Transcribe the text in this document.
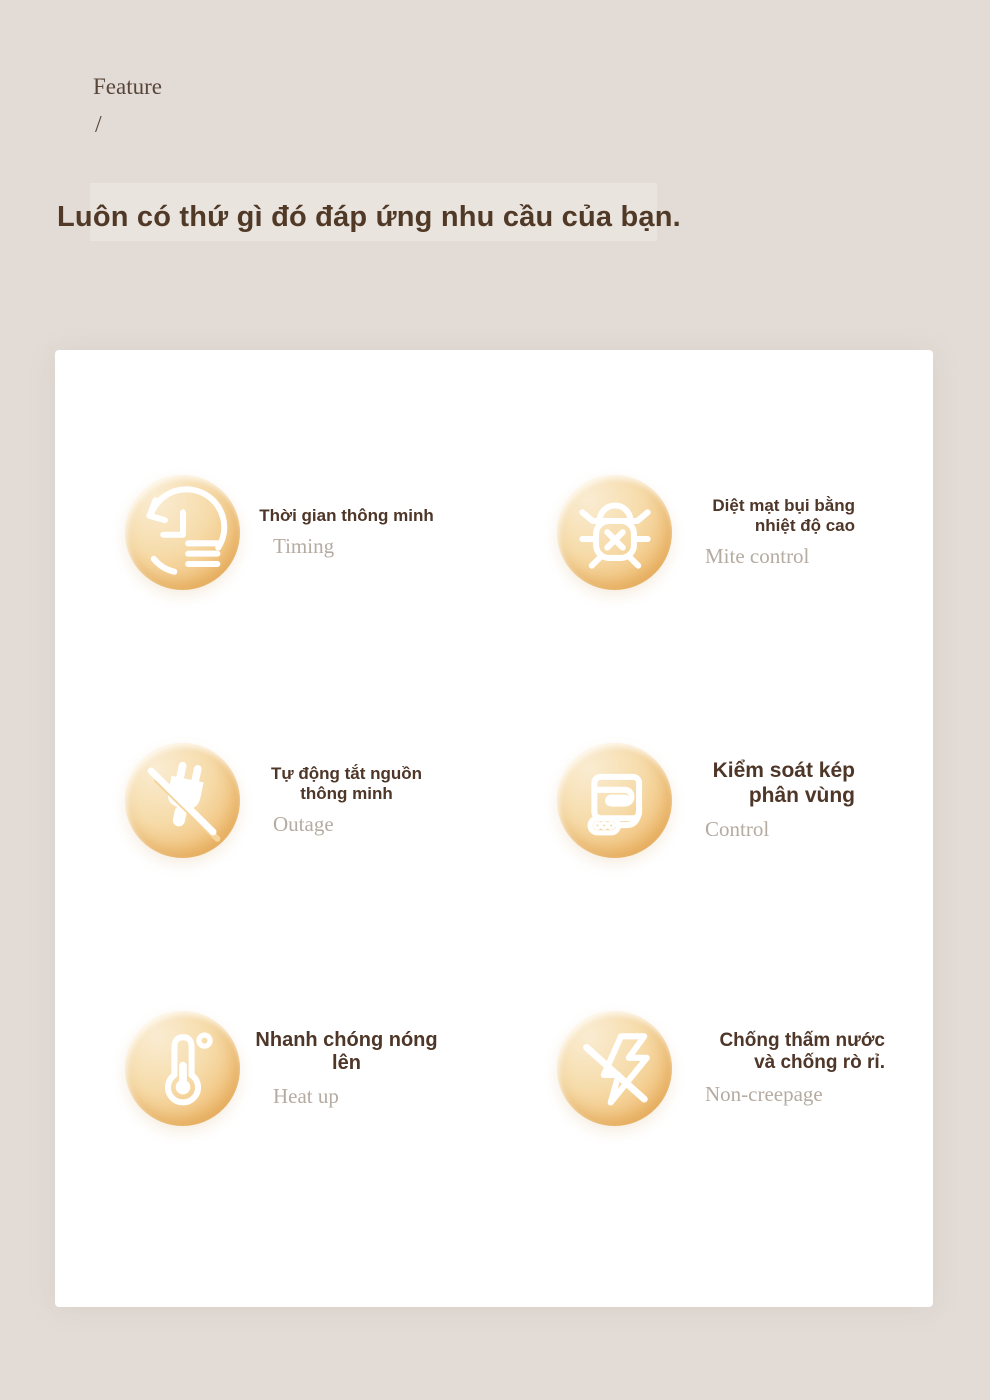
Feature
/
Luôn có thứ gì đó đáp ứng nhu cầu của bạn.
Thời gian thông minh
Timing
Diệt mạt bụi bằng
nhiệt độ cao
Mite control
Tự động tắt nguồn
thông minh
Outage
Kiểm soát kép
phân vùng
Control
Nhanh chóng nóng
lên
Heat up
Chống thấm nước
và chống rò rỉ.
Non-creepage
